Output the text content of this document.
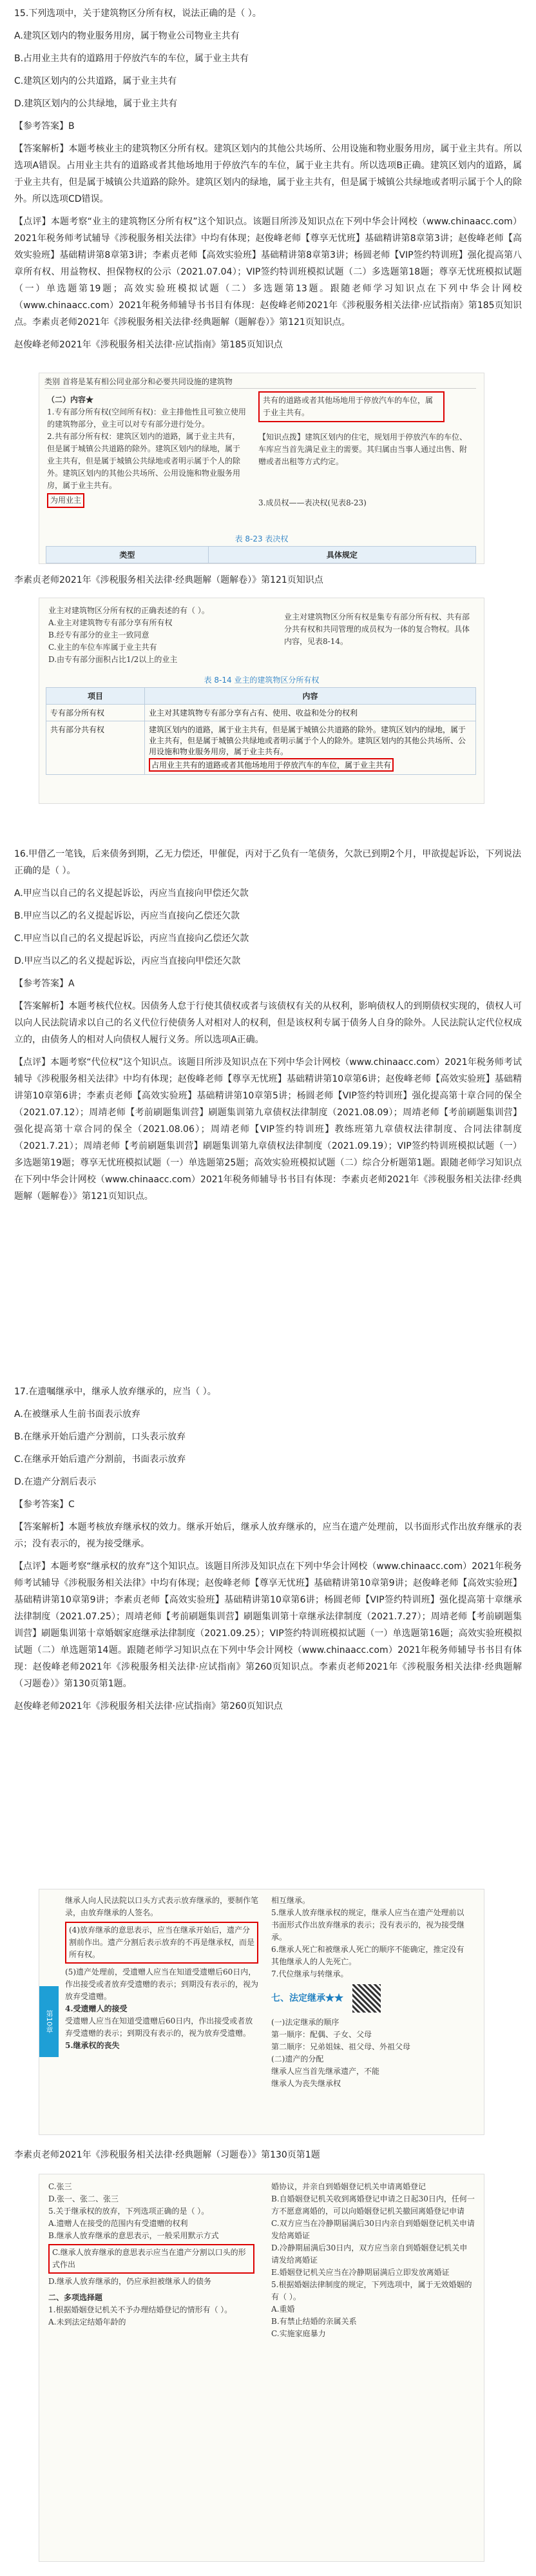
15.下列选项中，关于建筑物区分所有权，说法正确的是（ ）。

A.建筑区划内的物业服务用房，属于物业公司物业主共有

B.占用业主共有的道路用于停放汽车的车位，属于业主共有

C.建筑区划内的公共道路，属于业主共有

D.建筑区划内的公共绿地，属于业主共有

【参考答案】B

【答案解析】本题考核业主的建筑物区分所有权。建筑区划内的其他公共场所、公用设施和物业服务用房，属于业主共有。所以选项A错误。占用业主共有的道路或者其他场地用于停放汽车的车位，属于业主共有。所以选项B正确。建筑区划内的道路，属于业主共有，但是属于城镇公共道路的除外。建筑区划内的绿地，属于业主共有，但是属于城镇公共绿地或者明示属于个人的除外。所以选项CD错误。

【点评】本题考察“业主的建筑物区分所有权”这个知识点。该题目所涉及知识点在下列中华会计网校（www.chinaacc.com）2021年税务师考试辅导《涉税服务相关法律》中均有体现；赵俊峰老师【尊享无忧班】基础精讲第8章第3讲；赵俊峰老师【高效实验班】基础精讲第8章第3讲；李素贞老师【高效实验班】基础精讲第8章第3讲；杨圆老师【VIP签约特训班】强化提高第八章所有权、用益物权、担保物权的公示（2021.07.04）；VIP签约特训班模拟试题（二）多选题第18题；尊享无忧班模拟试题（一）单选题第19题；高效实验班模拟试题（二）多选题第13题。跟随老师学习知识点在下列中华会计网校（www.chinaacc.com）2021年税务师辅导书书目有体现：赵俊峰老师2021年《涉税服务相关法律·应试指南》第185页知识点。李素贞老师2021年《涉税服务相关法律·经典题解（题解卷）》第121页知识点。

赵俊峰老师2021年《涉税服务相关法律·应试指南》第185页知识点

类别 首将是某有相公同业部分和必要共同设施的建筑物
（二）内容★
1.专有部分所有权(空间所有权)：业主排他性且可独立使用的建筑物部分，业主可以对专有部分进行处分。
2.共有部分所有权：建筑区划内的道路，属于业主共有，但是属于城镇公共道路的除外。建筑区划内的绿地，属于业主共有，但是属于城镇公共绿地或者明示属于个人的除外。建筑区划内的其他公共场所、公用设施和物业服务用房，属于业主共有。
为用业主
共有的道路或者其他场地用于停放汽车的车位，属于业主共有。
【知识点拨】建筑区划内的住宅，规划用于停放汽车的车位、车库应当首先满足业主的需要。其归属由当事人通过出售、附赠或者出租等方式约定。
3.成员权——表决权(见表8-23)
表 8-23 表决权
类型	具体规定

李素贞老师2021年《涉税服务相关法律·经典题解（题解卷）》第121页知识点

业主对建筑物区分所有权的正确表述的有（ ）。
A.业主对建筑物专有部分享有所有权
B.经专有部分的业主一致同意
C.业主的车位车库属于业主共有
D.由专有部分面积占比1/2以上的业主
业主对建筑物区分所有权是集专有部分所有权、共有部分共有权和共同管理的成员权为一体的复合物权。具体内容，见表8-14。
表 8-14 业主的建筑物区分所有权
项目	内容
专有部分所有权	业主对其建筑物专有部分享有占有、使用、收益和处分的权利
共有部分共有权	建筑区划内的道路，属于业主共有，但是属于城镇公共道路的除外。建筑区划内的绿地，属于业主共有，但是属于城镇公共绿地或者明示属于个人的除外。建筑区划内的其他公共场所、公用设施和物业服务用房，属于业主共有。占用业主共有的道路或者其他场地用于停放汽车的车位，属于业主共有

16.甲借乙一笔钱，后来债务到期，乙无力偿还，甲催促，丙对于乙负有一笔债务，欠款已到期2个月，甲欲提起诉讼，下列说法正确的是（ ）。

A.甲应当以自己的名义提起诉讼，丙应当直接向甲偿还欠款

B.甲应当以乙的名义提起诉讼，丙应当直接向乙偿还欠款

C.甲应当以自己的名义提起诉讼，丙应当直接向乙偿还欠款

D.甲应当以乙的名义提起诉讼，丙应当直接向甲偿还欠款

【参考答案】A

【答案解析】本题考核代位权。因债务人怠于行使其债权或者与该债权有关的从权利，影响债权人的到期债权实现的，债权人可以向人民法院请求以自己的名义代位行使债务人对相对人的权利，但是该权利专属于债务人自身的除外。人民法院认定代位权成立的，由债务人的相对人向债权人履行义务。所以选项A正确。

【点评】本题考察“代位权”这个知识点。该题目所涉及知识点在下列中华会计网校（www.chinaacc.com）2021年税务师考试辅导《涉税服务相关法律》中均有体现；赵俊峰老师【尊享无忧班】基础精讲第10章第6讲；赵俊峰老师【高效实验班】基础精讲第10章第6讲；李素贞老师【高效实验班】基础精讲第10章第5讲；杨圆老师【VIP签约特训班】强化提高第十章合同的保全（2021.07.12）；周靖老师【考前刷题集训营】刷题集训第九章债权法律制度（2021.08.09）；周靖老师【考前刷题集训营】强化提高第十章合同的保全（2021.08.06）；周靖老师【VIP签约特训班】教练班第九章债权法律制度、合同法律制度（2021.7.21）；周靖老师【考前刷题集训营】刷题集训第九章债权法律制度（2021.09.19）；VIP签约特训班模拟试题（一）多选题第19题；尊享无忧班模拟试题（一）单选题第25题；高效实验班模拟试题（二）综合分析题第1题。跟随老师学习知识点在下列中华会计网校（www.chinaacc.com）2021年税务师辅导书书目有体现：李素贞老师2021年《涉税服务相关法律·经典题解（题解卷）》第121页知识点。

17.在遗嘱继承中，继承人放弃继承的，应当（ ）。

A.在被继承人生前书面表示放弃

B.在继承开始后遗产分割前，口头表示放弃

C.在继承开始后遗产分割前，书面表示放弃

D.在遗产分割后表示

【参考答案】C

【答案解析】本题考核放弃继承权的效力。继承开始后，继承人放弃继承的，应当在遗产处理前，以书面形式作出放弃继承的表示；没有表示的，视为接受继承。

【点评】本题考察“继承权的放弃”这个知识点。该题目所涉及知识点在下列中华会计网校（www.chinaacc.com）2021年税务师考试辅导《涉税服务相关法律》中均有体现；赵俊峰老师【尊享无忧班】基础精讲第10章第9讲；赵俊峰老师【高效实验班】基础精讲第10章第9讲；李素贞老师【高效实验班】基础精讲第10章第6讲；杨圆老师【VIP签约特训班】强化提高第十章继承法律制度（2021.07.25）；周靖老师【考前刷题集训营】刷题集训第十章继承法律制度（2021.7.27）；周靖老师【考前刷题集训营】刷题集训第十章婚姻家庭继承法律制度（2021.09.25）；VIP签约特训班模拟试题（一）单选题第16题；高效实验班模拟试题（二）单选题第14题。跟随老师学习知识点在下列中华会计网校（www.chinaacc.com）2021年税务师辅导书书目有体现：赵俊峰老师2021年《涉税服务相关法律·应试指南》第260页知识点。李素贞老师2021年《涉税服务相关法律·经典题解（习题卷）》第130页第1题。

赵俊峰老师2021年《涉税服务相关法律·应试指南》第260页知识点

第10章
继承人向人民法院以口头方式表示放弃继承的，要制作笔录，由放弃继承的人签名。
(4)放弃继承的意思表示，应当在继承开始后，遗产分割前作出。遗产分割后表示放弃的不再是继承权，而是所有权。
(5)遗产处理前，受遗赠人应当在知道受遗赠后60日内，作出接受或者放弃受遗赠的表示；到期没有表示的，视为放弃受遗赠。
4.受遗赠人的接受
受遗赠人应当在知道受遗赠后60日内，作出接受或者放弃受遗赠的表示；到期没有表示的，视为放弃受遗赠。
5.继承权的丧失
相互继承。
5.继承人放弃继承权的规定，继承人应当在遗产处理前以书面形式作出放弃继承的表示；没有表示的，视为接受继承。
6.继承人死亡和被继承人死亡的顺序不能确定，推定没有其他继承人的人先死亡。
7.代位继承与转继承。
七、法定继承★★
(一)法定继承的顺序
第一顺序：配偶、子女、父母
第二顺序：兄弟姐妹、祖父母、外祖父母
(二)遗产的分配
继承人应当首先继承遗产，不能
继承人为丧失继承权

李素贞老师2021年《涉税服务相关法律·经典题解（习题卷）》第130页第1题

C.张三
D.张一、张二、张三
5.关于继承权的放弃，下列选项正确的是（ ）。
A.遗赠人在接受的范围内有受遗赠的权利
B.继承人放弃继承的意思表示，一般采用默示方式
C.继承人放弃继承的意思表示应当在遗产分割以口头的形式作出
D.继承人放弃继承的，仍应承担被继承人的债务
二、多项选择题
1.根据婚姻登记机关不予办理结婚登记的情形有（ ）。
A.未到法定结婚年龄的
婚协议，并亲自到婚姻登记机关申请离婚登记
B.自婚姻登记机关收到离婚登记申请之日起30日内，任何一方不愿意离婚的，可以向婚姻登记机关撤回离婚登记申请
C.双方应当在冷静期届满后30日内亲自到婚姻登记机关申请发给离婚证
D.冷静期届满后30日内，双方应当亲自到婚姻登记机关申请发给离婚证
E.婚姻登记机关应当在冷静期届满后立即发放离婚证
5.根据婚姻法律制度的规定，下列选项中，属于无效婚姻的有（ ）。
A.重婚
B.有禁止结婚的亲属关系
C.实施家庭暴力
